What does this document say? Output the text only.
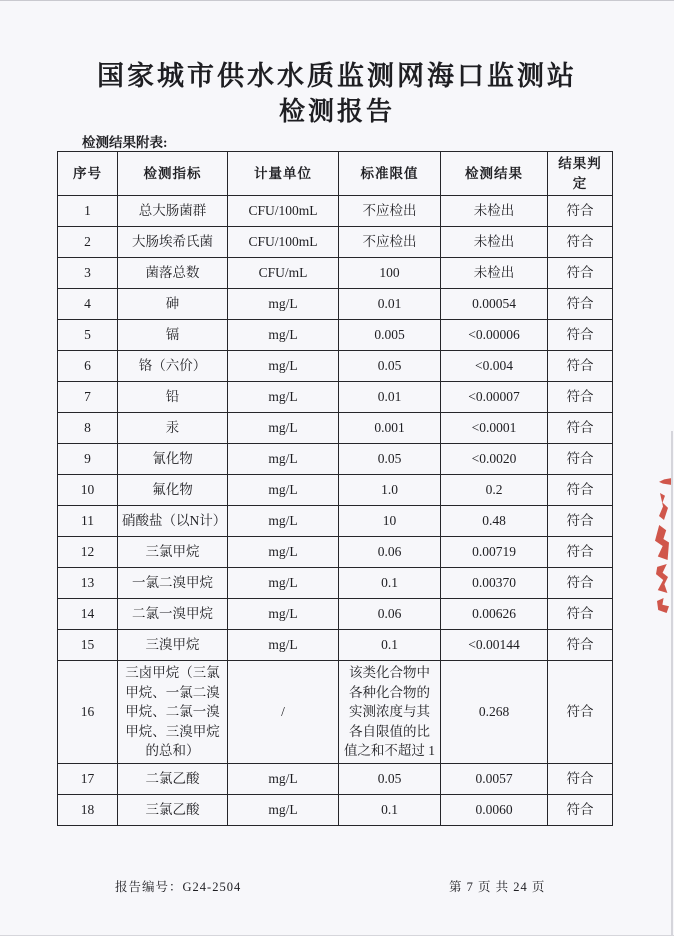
国家城市供水水质监测网海口监测站
检测报告
检测结果附表:
序号	检测指标	计量单位	标准限值	检测结果	结果判定
1	总大肠菌群	CFU/100mL	不应检出	未检出	符合
2	大肠埃希氏菌	CFU/100mL	不应检出	未检出	符合
3	菌落总数	CFU/mL	100	未检出	符合
4	砷	mg/L	0.01	0.00054	符合
5	镉	mg/L	0.005	<0.00006	符合
6	铬（六价）	mg/L	0.05	<0.004	符合
7	铅	mg/L	0.01	<0.00007	符合
8	汞	mg/L	0.001	<0.0001	符合
9	氰化物	mg/L	0.05	<0.0020	符合
10	氟化物	mg/L	1.0	0.2	符合
11	硝酸盐（以N计）	mg/L	10	0.48	符合
12	三氯甲烷	mg/L	0.06	0.00719	符合
13	一氯二溴甲烷	mg/L	0.1	0.00370	符合
14	二氯一溴甲烷	mg/L	0.06	0.00626	符合
15	三溴甲烷	mg/L	0.1	<0.00144	符合
16	三卤甲烷（三氯甲烷、一氯二溴甲烷、二氯一溴甲烷、三溴甲烷的总和）	/	该类化合物中各种化合物的实测浓度与其各自限值的比值之和不超过 1	0.268	符合
17	二氯乙酸	mg/L	0.05	0.0057	符合
18	三氯乙酸	mg/L	0.1	0.0060	符合
报告编号：G24-2504	第 7 页 共 24 页
